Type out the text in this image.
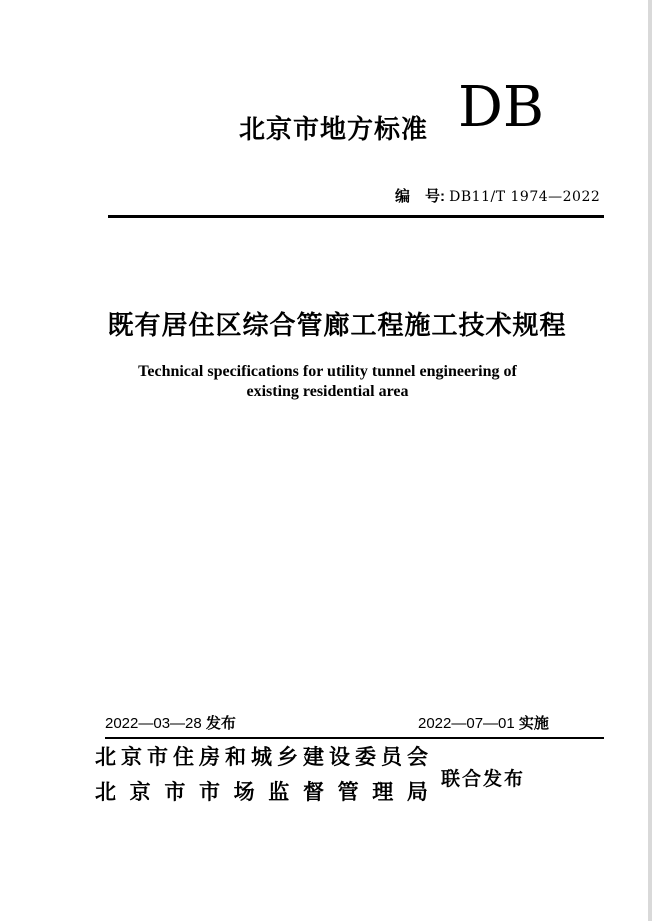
北京市地方标准 DB
编　号: DB11/T 1974—2022
既有居住区综合管廊工程施工技术规程
Technical specifications for utility tunnel engineering of
existing residential area
2022—03—28 发布	2022—07—01 实施
北 京 市 住 房 和 城 乡 建 设 委 员 会
北 京 市 市 场 监 督 管 理 局
联合发布
